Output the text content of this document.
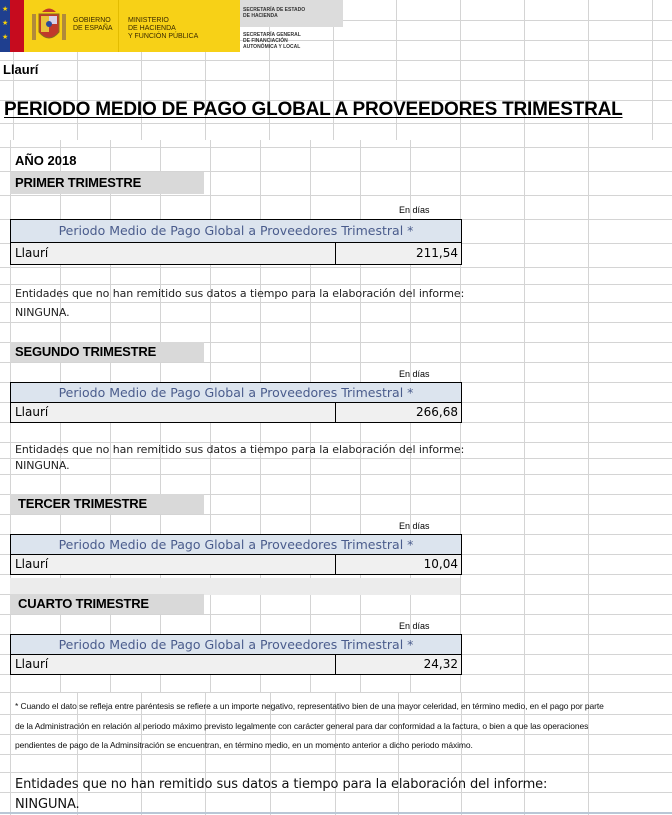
★
★
★
GOBIERNO
DE ESPAÑA
MINISTERIO
DE HACIENDA
Y FUNCIÓN PÚBLICA
SECRETARÍA DE ESTADO
DE HACIENDA
SECRETARÍA GENERAL
DE FINANCIACIÓN
AUTONÓMICA Y LOCAL
Llaurí
PERIODO MEDIO DE PAGO GLOBAL A PROVEEDORES TRIMESTRAL
AÑO 2018
PRIMER TRIMESTRE
En días
Periodo Medio de Pago Global a Proveedores Trimestral *
Llaurí	211,54
Entidades que no han remitido sus datos a tiempo para la elaboración del informe:
NINGUNA.
SEGUNDO TRIMESTRE
En días
Periodo Medio de Pago Global a Proveedores Trimestral *
Llaurí	266,68
Entidades que no han remitido sus datos a tiempo para la elaboración del informe:
NINGUNA.
TERCER TRIMESTRE
En días
Periodo Medio de Pago Global a Proveedores Trimestral *
Llaurí	10,04
CUARTO TRIMESTRE
En días
Periodo Medio de Pago Global a Proveedores Trimestral *
Llaurí	24,32
* Cuando el dato se refleja entre paréntesis se refiere a un importe negativo, representativo bien de una mayor celeridad, en término medio, en el pago por parte
de la Administración en relación al periodo máximo previsto legalmente con carácter general para dar conformidad a la factura, o bien a que las operaciones
pendientes de pago de la Adminsitración se encuentran, en término medio, en un momento anterior a dicho periodo máximo.
Entidades que no han remitido sus datos a tiempo para la elaboración del informe:
NINGUNA.
